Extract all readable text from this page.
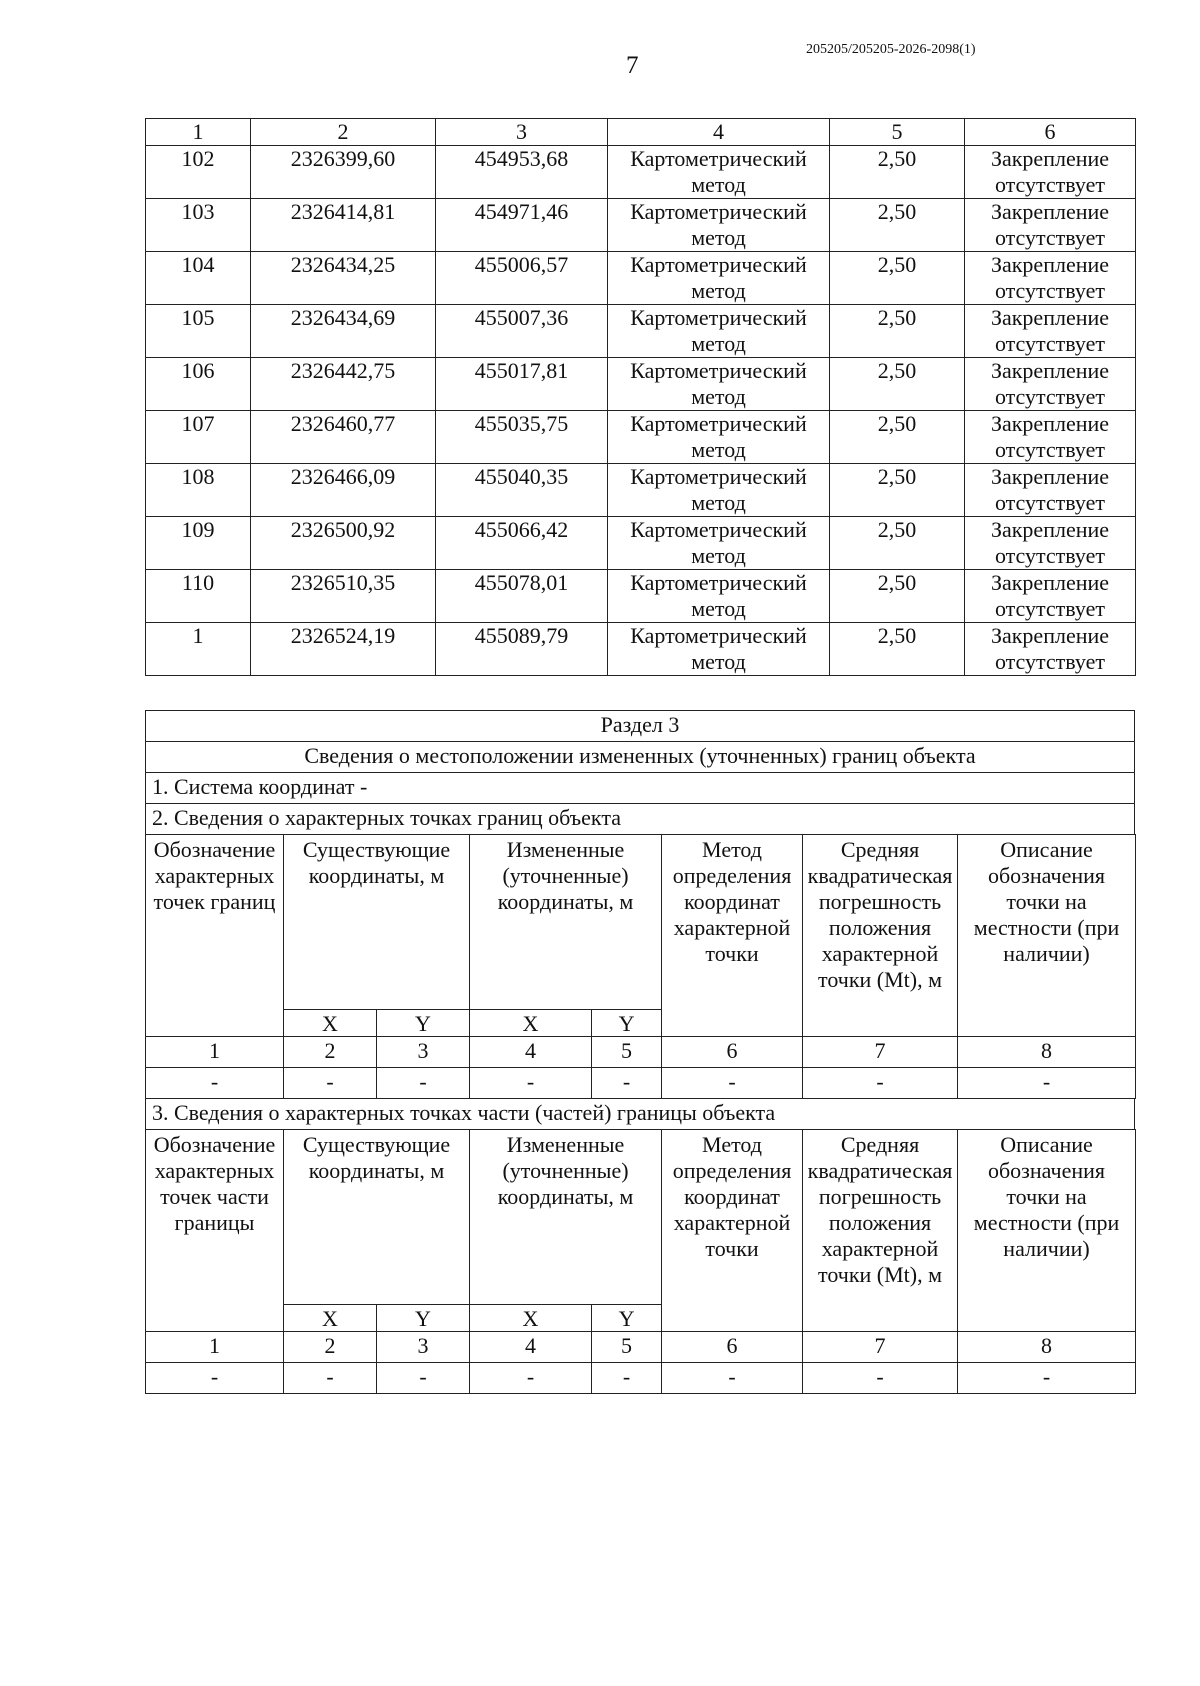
7
205205/205205-2026-2098(1)
1	2	3	4	5	6
102	2326399,60	454953,68	Картометрический метод	2,50	Закрепление отсутствует
103	2326414,81	454971,46	Картометрический метод	2,50	Закрепление отсутствует
104	2326434,25	455006,57	Картометрический метод	2,50	Закрепление отсутствует
105	2326434,69	455007,36	Картометрический метод	2,50	Закрепление отсутствует
106	2326442,75	455017,81	Картометрический метод	2,50	Закрепление отсутствует
107	2326460,77	455035,75	Картометрический метод	2,50	Закрепление отсутствует
108	2326466,09	455040,35	Картометрический метод	2,50	Закрепление отсутствует
109	2326500,92	455066,42	Картометрический метод	2,50	Закрепление отсутствует
110	2326510,35	455078,01	Картометрический метод	2,50	Закрепление отсутствует
1	2326524,19	455089,79	Картометрический метод	2,50	Закрепление отсутствует
Раздел 3
Сведения о местоположении измененных (уточненных) границ объекта
1. Система координат -
2. Сведения о характерных точках границ объекта
Обозначение характерных точек границ	Существующие координаты, м		Измененные (уточненные) координаты, м		Метод определения координат характерной точки	Средняя квадратическая погрешность положения характерной точки (Mt), м	Описание обозначения точки на местности (при наличии)
	X	Y	X	Y			
1	2	3	4	5	6	7	8
-	-	-	-	-	-	-	-
3. Сведения о характерных точках части (частей) границы объекта
Обозначение характерных точек части границы	Существующие координаты, м		Измененные (уточненные) координаты, м		Метод определения координат характерной точки	Средняя квадратическая погрешность положения характерной точки (Mt), м	Описание обозначения точки на местности (при наличии)
	X	Y	X	Y			
1	2	3	4	5	6	7	8
-	-	-	-	-	-	-	-
